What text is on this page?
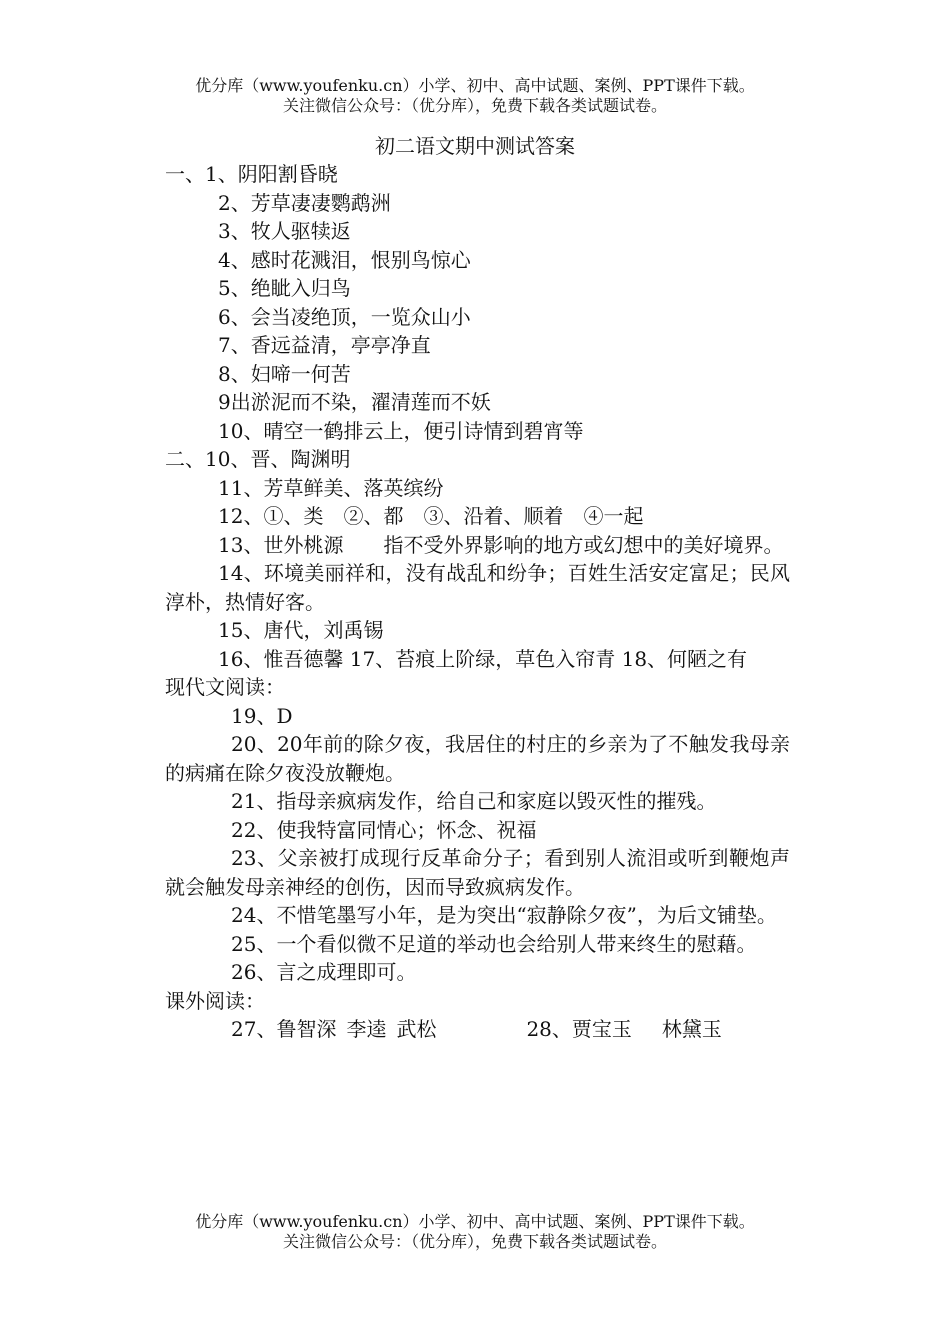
优分库（www.youfenku.cn）小学、初中、高中试题、案例、PPT课件下载。
关注微信公众号：（优分库），免费下载各类试题试卷。
初二语文期中测试答案
一、1、阴阳割昏晓
2、芳草凄凄鹦鹉洲
3、牧人驱犊返
4、感时花溅泪，恨别鸟惊心
5、绝眦入归鸟
6、会当凌绝顶，一览众山小
7、香远益清，亭亭净直
8、妇啼一何苦
9出淤泥而不染，濯清莲而不妖
10、晴空一鹤排云上，便引诗情到碧宵等
二、10、晋、陶渊明
11、芳草鲜美、落英缤纷
12、①、类 ②、都 ③、沿着、顺着 ④一起
13、世外桃源 指不受外界影响的地方或幻想中的美好境界。
14、环境美丽祥和，没有战乱和纷争；百姓生活安定富足；民风淳朴，热情好客。
15、唐代，刘禹锡
16、惟吾德馨 17、苔痕上阶绿，草色入帘青 18、何陋之有
现代文阅读：
19、D
20、20年前的除夕夜，我居住的村庄的乡亲为了不触发我母亲的病痛在除夕夜没放鞭炮。
21、指母亲疯病发作，给自己和家庭以毁灭性的摧残。
22、使我特富同情心；怀念、祝福
23、父亲被打成现行反革命分子；看到别人流泪或听到鞭炮声就会触发母亲神经的创伤，因而导致疯病发作。
24、不惜笔墨写小年，是为突出“寂静除夕夜”，为后文铺垫。
25、一个看似微不足道的举动也会给别人带来终生的慰藉。
26、言之成理即可。
课外阅读：
27、鲁智深 李逵 武松	28、贾宝玉 林黛玉
优分库（www.youfenku.cn）小学、初中、高中试题、案例、PPT课件下载。
关注微信公众号：（优分库），免费下载各类试题试卷。
